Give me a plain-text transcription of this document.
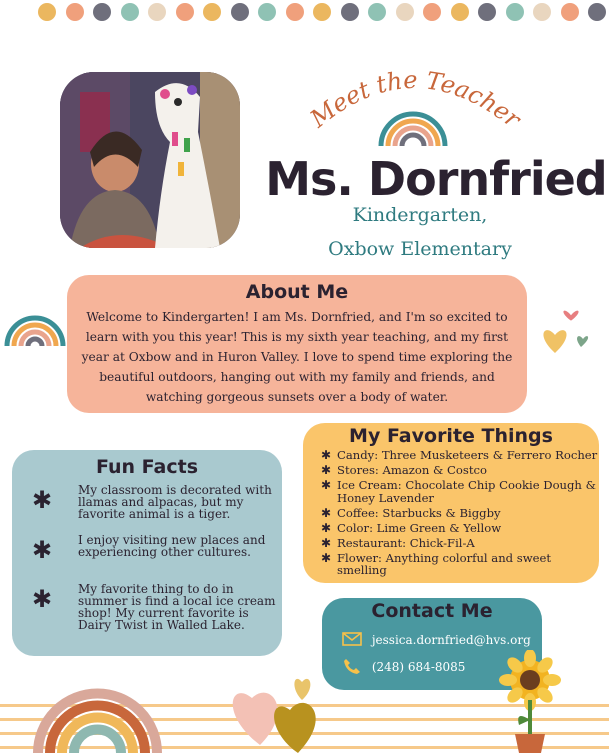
Meet the Teacher
Ms. Dornfried
Kindergarten,
Oxbow Elementary
About Me

Welcome to Kindergarten! I am Ms. Dornfried, and I'm so excited to learn with you this year! This is my sixth year teaching, and my first year at Oxbow and in Huron Valley. I love to spend time exploring the beautiful outdoors, hanging out with my family and friends, and watching gorgeous sunsets over a body of water.

Fun Facts
✱ My classroom is decorated with llamas and alpacas, but my favorite animal is a tiger.
✱ I enjoy visiting new places and experiencing other cultures.
✱ My favorite thing to do in summer is find a local ice cream shop! My current favorite is Dairy Twist in Walled Lake.
My Favorite Things
✱ Candy: Three Musketeers & Ferrero Rocher
✱ Stores: Amazon & Costco
✱ Ice Cream: Chocolate Chip Cookie Dough & Honey Lavender
✱ Coffee: Starbucks & Biggby
✱ Color: Lime Green & Yellow
✱ Restaurant: Chick-Fil-A
✱ Flower: Anything colorful and sweet smelling
Contact Me
jessica.dornfried@hvs.org
(248) 684-8085
